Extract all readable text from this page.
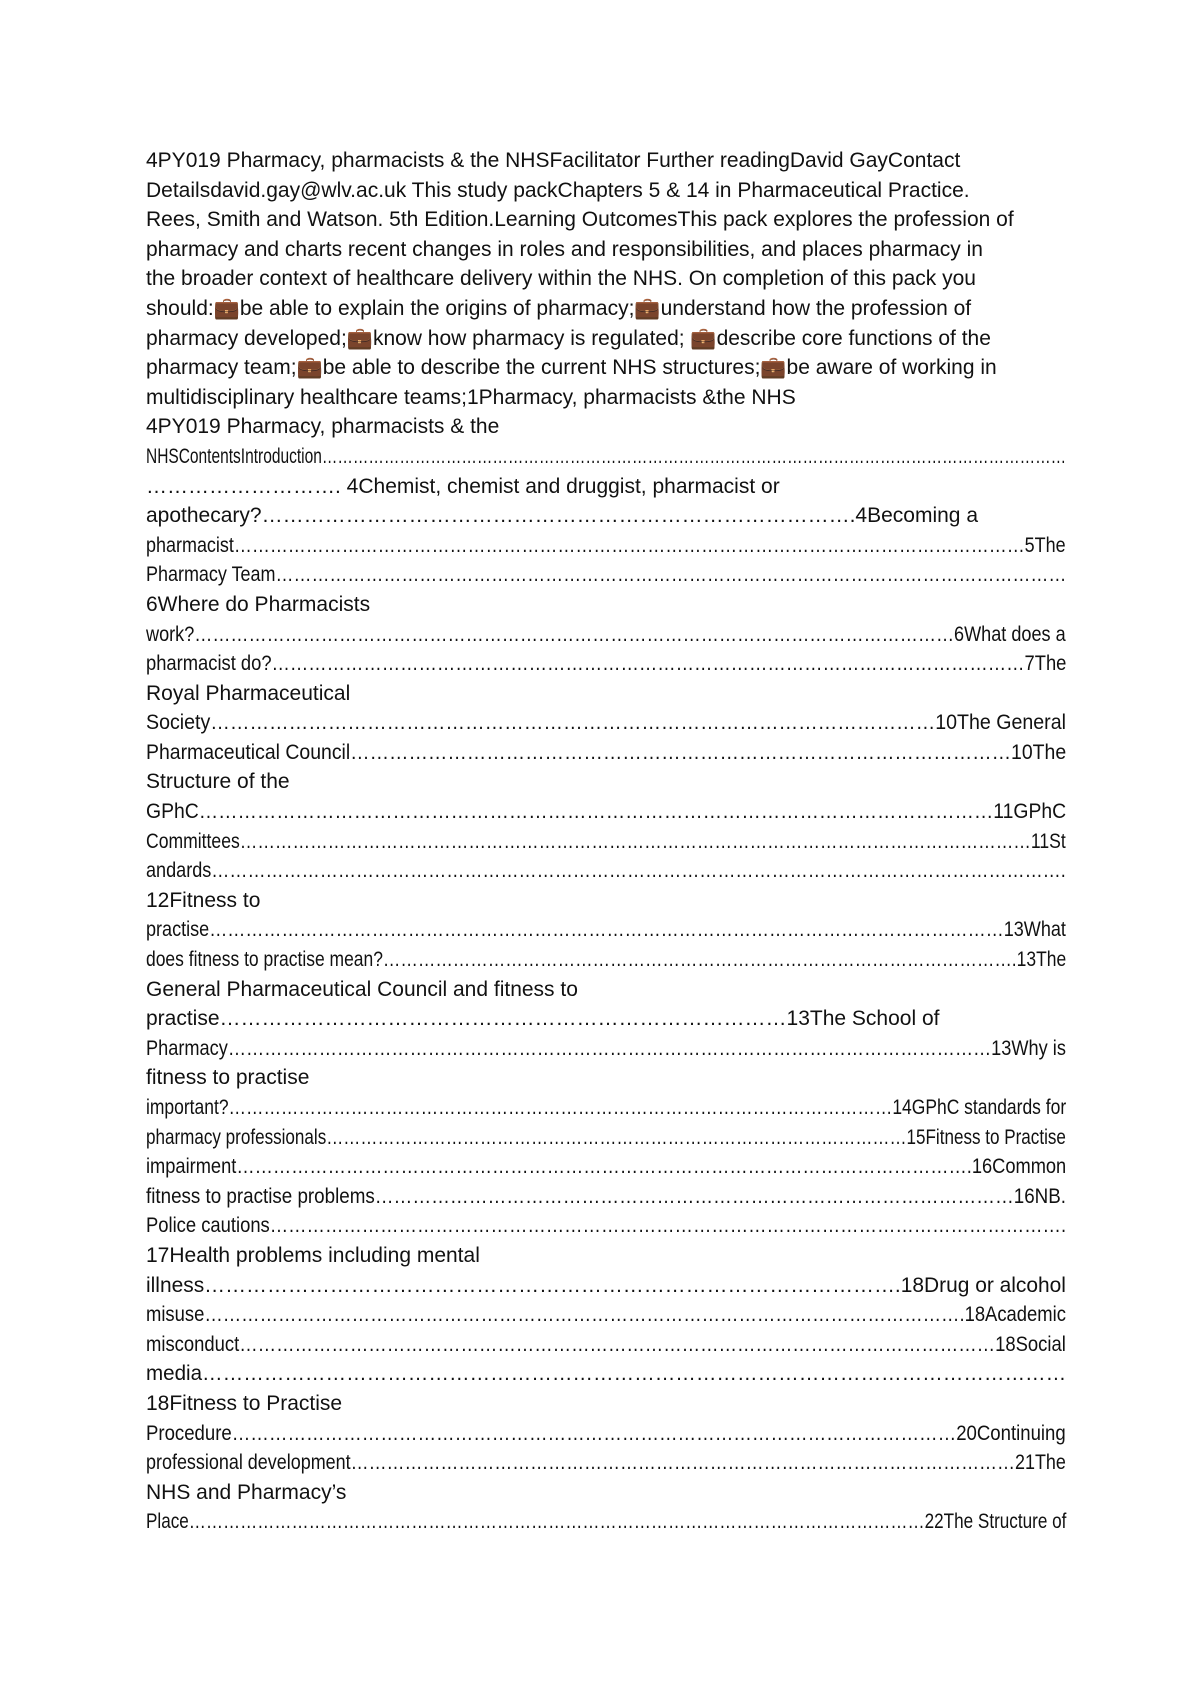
4PY019 Pharmacy, pharmacists & the NHSFacilitator Further readingDavid GayContact
Detailsdavid.gay@wlv.ac.uk This study packChapters 5 & 14 in Pharmaceutical Practice.
Rees, Smith and Watson. 5th Edition.Learning OutcomesThis pack explores the profession of
pharmacy and charts recent changes in roles and responsibilities, and places pharmacy in
the broader context of healthcare delivery within the NHS. On completion of this pack you
should:💼be able to explain the origins of pharmacy;💼understand how the profession of
pharmacy developed;💼know how pharmacy is regulated; 💼describe core functions of the
pharmacy team;💼be able to describe the current NHS structures;💼be aware of working in
multidisciplinary healthcare teams;1Pharmacy, pharmacists &the NHS
4PY019 Pharmacy, pharmacists & the
NHSContentsIntroduction………………………………………………………………………………………………………………………………
………………………. 4Chemist, chemist and druggist, pharmacist or
apothecary?………………………………………………………………………….4Becoming a
pharmacist……………………………………………………………………………………………………………………5The
Pharmacy Team……………………………………………………………………………………………………………………
6Where do Pharmacists
work?………………………………………………………………………………………………………………6What does a
pharmacist do?……………………………………………………………………………………………………………7The
Royal Pharmaceutical
Society…………………………………………………………………………………………………10The General
Pharmaceutical Council…………………………………………………………………………………………10The
Structure of the
GPhC……………………………………………………………………………………………………………11GPhC
Committees………………………………………………………………………………………………………………………11St
andards…………………………………………………………………………………………………………………………….
12Fitness to
practise……………………………………………………………………………………………………………………13What
does fitness to practise mean?……………………………………………………………………………………………….13The
General Pharmaceutical Council and fitness to
practise………………………………………………………………………13The School of
Pharmacy………………………………………………………………………………………………………………13Why is
fitness to practise
important?……………………………………………………………………………………………………14GPhC standards for
pharmacy professionals…………………………………………………………………………………………15Fitness to Practise
impairment………………………………………………………………………………………………………….16Common
fitness to practise problems…………………………………………………………………………………………16NB.
Police cautions………………………………………………………………………………………………………………….
17Health problems including mental
illness……………………………………………………………………………………….18Drug or alcohol
misuse…………………………………………………………………………………………………………….18Academic
misconduct……………………………………………………………………………………………………………18Social
media………………………………………………………………………………………………………………
18Fitness to Practise
Procedure………………………………………………………………………………………………………20Continuing
professional development…………………………………………………………………………………………………21The
NHS and Pharmacy’s
Place…………………………………………………………………………………………………………………22The Structure of
